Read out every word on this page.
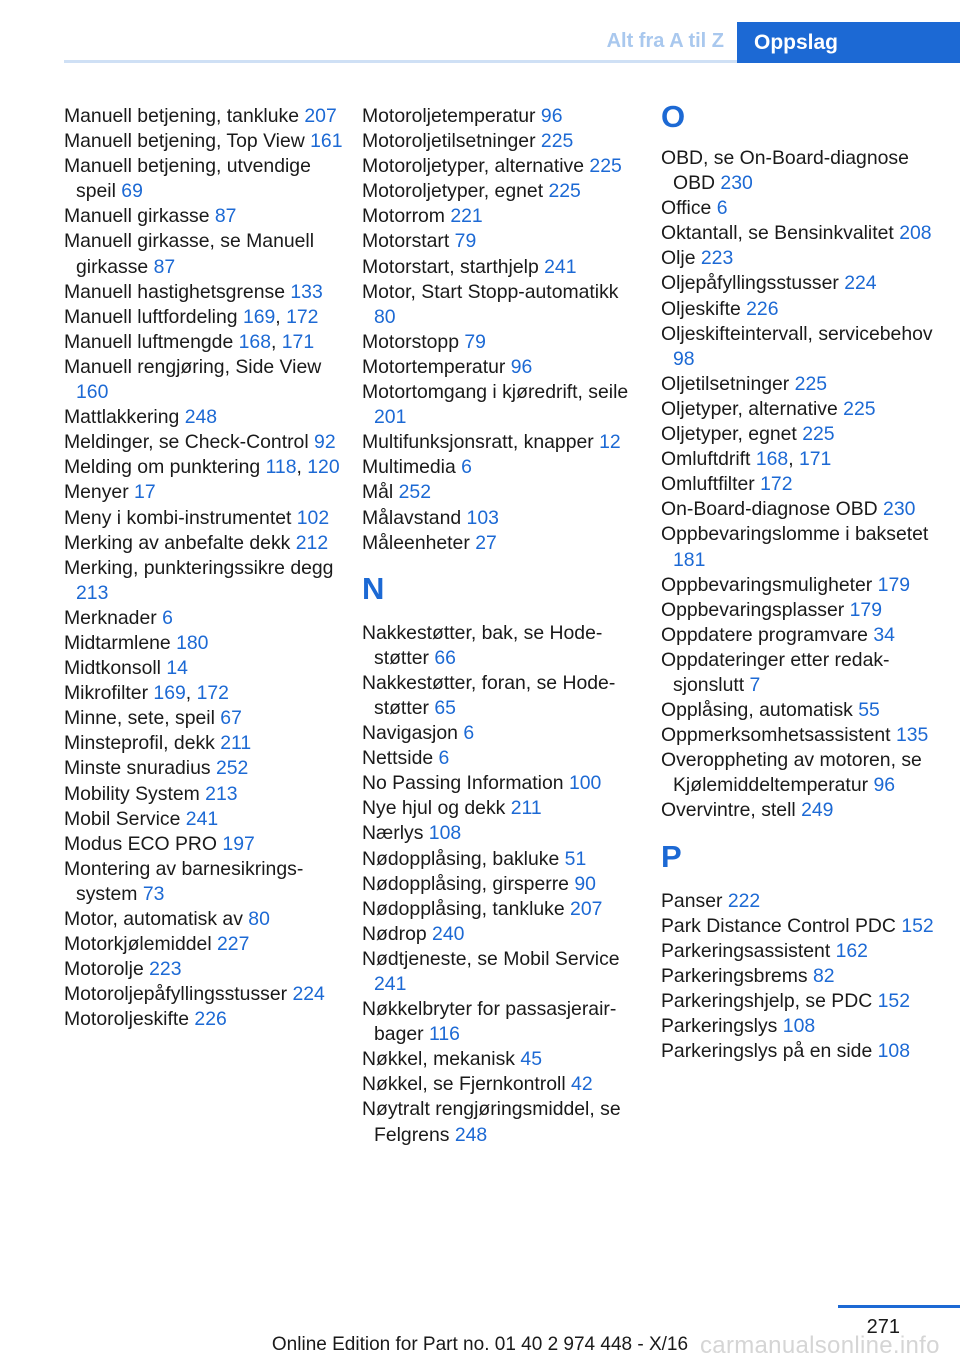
Alt fra A til Z	Oppslag
Manuell betjening, tankluke 207
Manuell betjening, Top View 161
Manuell betjening, utvendige speil 69
Manuell girkasse 87
Manuell girkasse, se Manuell girkasse 87
Manuell hastighetsgrense 133
Manuell luftfordeling 169, 172
Manuell luftmengde 168, 171
Manuell rengjøring, Side View 160
Mattlakkering 248
Meldinger, se Check-Control 92
Melding om punktering 118, 120
Menyer 17
Meny i kombi-instrumentet 102
Merking av anbefalte dekk 212
Merking, punkteringssikre degg 213
Merknader 6
Midtarmlene 180
Midtkonsoll 14
Mikrofilter 169, 172
Minne, sete, speil 67
Minsteprofil, dekk 211
Minste snuradius 252
Mobility System 213
Mobil Service 241
Modus ECO PRO 197
Montering av barnesikringssystem 73
Motor, automatisk av 80
Motorkjølemiddel 227
Motorolje 223
Motoroljepåfyllingsstusser 224
Motoroljeskifte 226
Motoroljetemperatur 96
Motoroljetilsetninger 225
Motoroljetyper, alternative 225
Motoroljetyper, egnet 225
Motorrom 221
Motorstart 79
Motorstart, starthjelp 241
Motor, Start Stopp-automatikk 80
Motorstopp 79
Motortemperatur 96
Motortomgang i kjøredrift, seile 201
Multifunksjonsratt, knapper 12
Multimedia 6
Mål 252
Målavstand 103
Måleenheter 27
N
Nakkestøtter, bak, se Hodestøtter 66
Nakkestøtter, foran, se Hodestøtter 65
Navigasjon 6
Nettside 6
No Passing Information 100
Nye hjul og dekk 211
Nærlys 108
Nødopplåsing, bakluke 51
Nødopplåsing, girsperre 90
Nødopplåsing, tankluke 207
Nødrop 240
Nødtjeneste, se Mobil Service 241
Nøkkelbryter for passasjerairbager 116
Nøkkel, mekanisk 45
Nøkkel, se Fjernkontroll 42
Nøytralt rengjøringsmiddel, se Felgrens 248
O
OBD, se On-Board-diagnose OBD 230
Office 6
Oktantall, se Bensinkvalitet 208
Olje 223
Oljepåfyllingsstusser 224
Oljeskifte 226
Oljeskifteintervall, servicebehov 98
Oljetilsetninger 225
Oljetyper, alternative 225
Oljetyper, egnet 225
Omluftdrift 168, 171
Omluftfilter 172
On-Board-diagnose OBD 230
Oppbevaringslomme i baksetet 181
Oppbevaringsmuligheter 179
Oppbevaringsplasser 179
Oppdatere programvare 34
Oppdateringer etter redaksjonslutt 7
Opplåsing, automatisk 55
Oppmerksomhetsassistent 135
Overoppheting av motoren, se Kjølemiddeltemperatur 96
Overvintre, stell 249
P
Panser 222
Park Distance Control PDC 152
Parkeringsassistent 162
Parkeringsbrems 82
Parkeringshjelp, se PDC 152
Parkeringslys 108
Parkeringslys på en side 108
271
Online Edition for Part no. 01 40 2 974 448 - X/16 carmanualsonline.info
